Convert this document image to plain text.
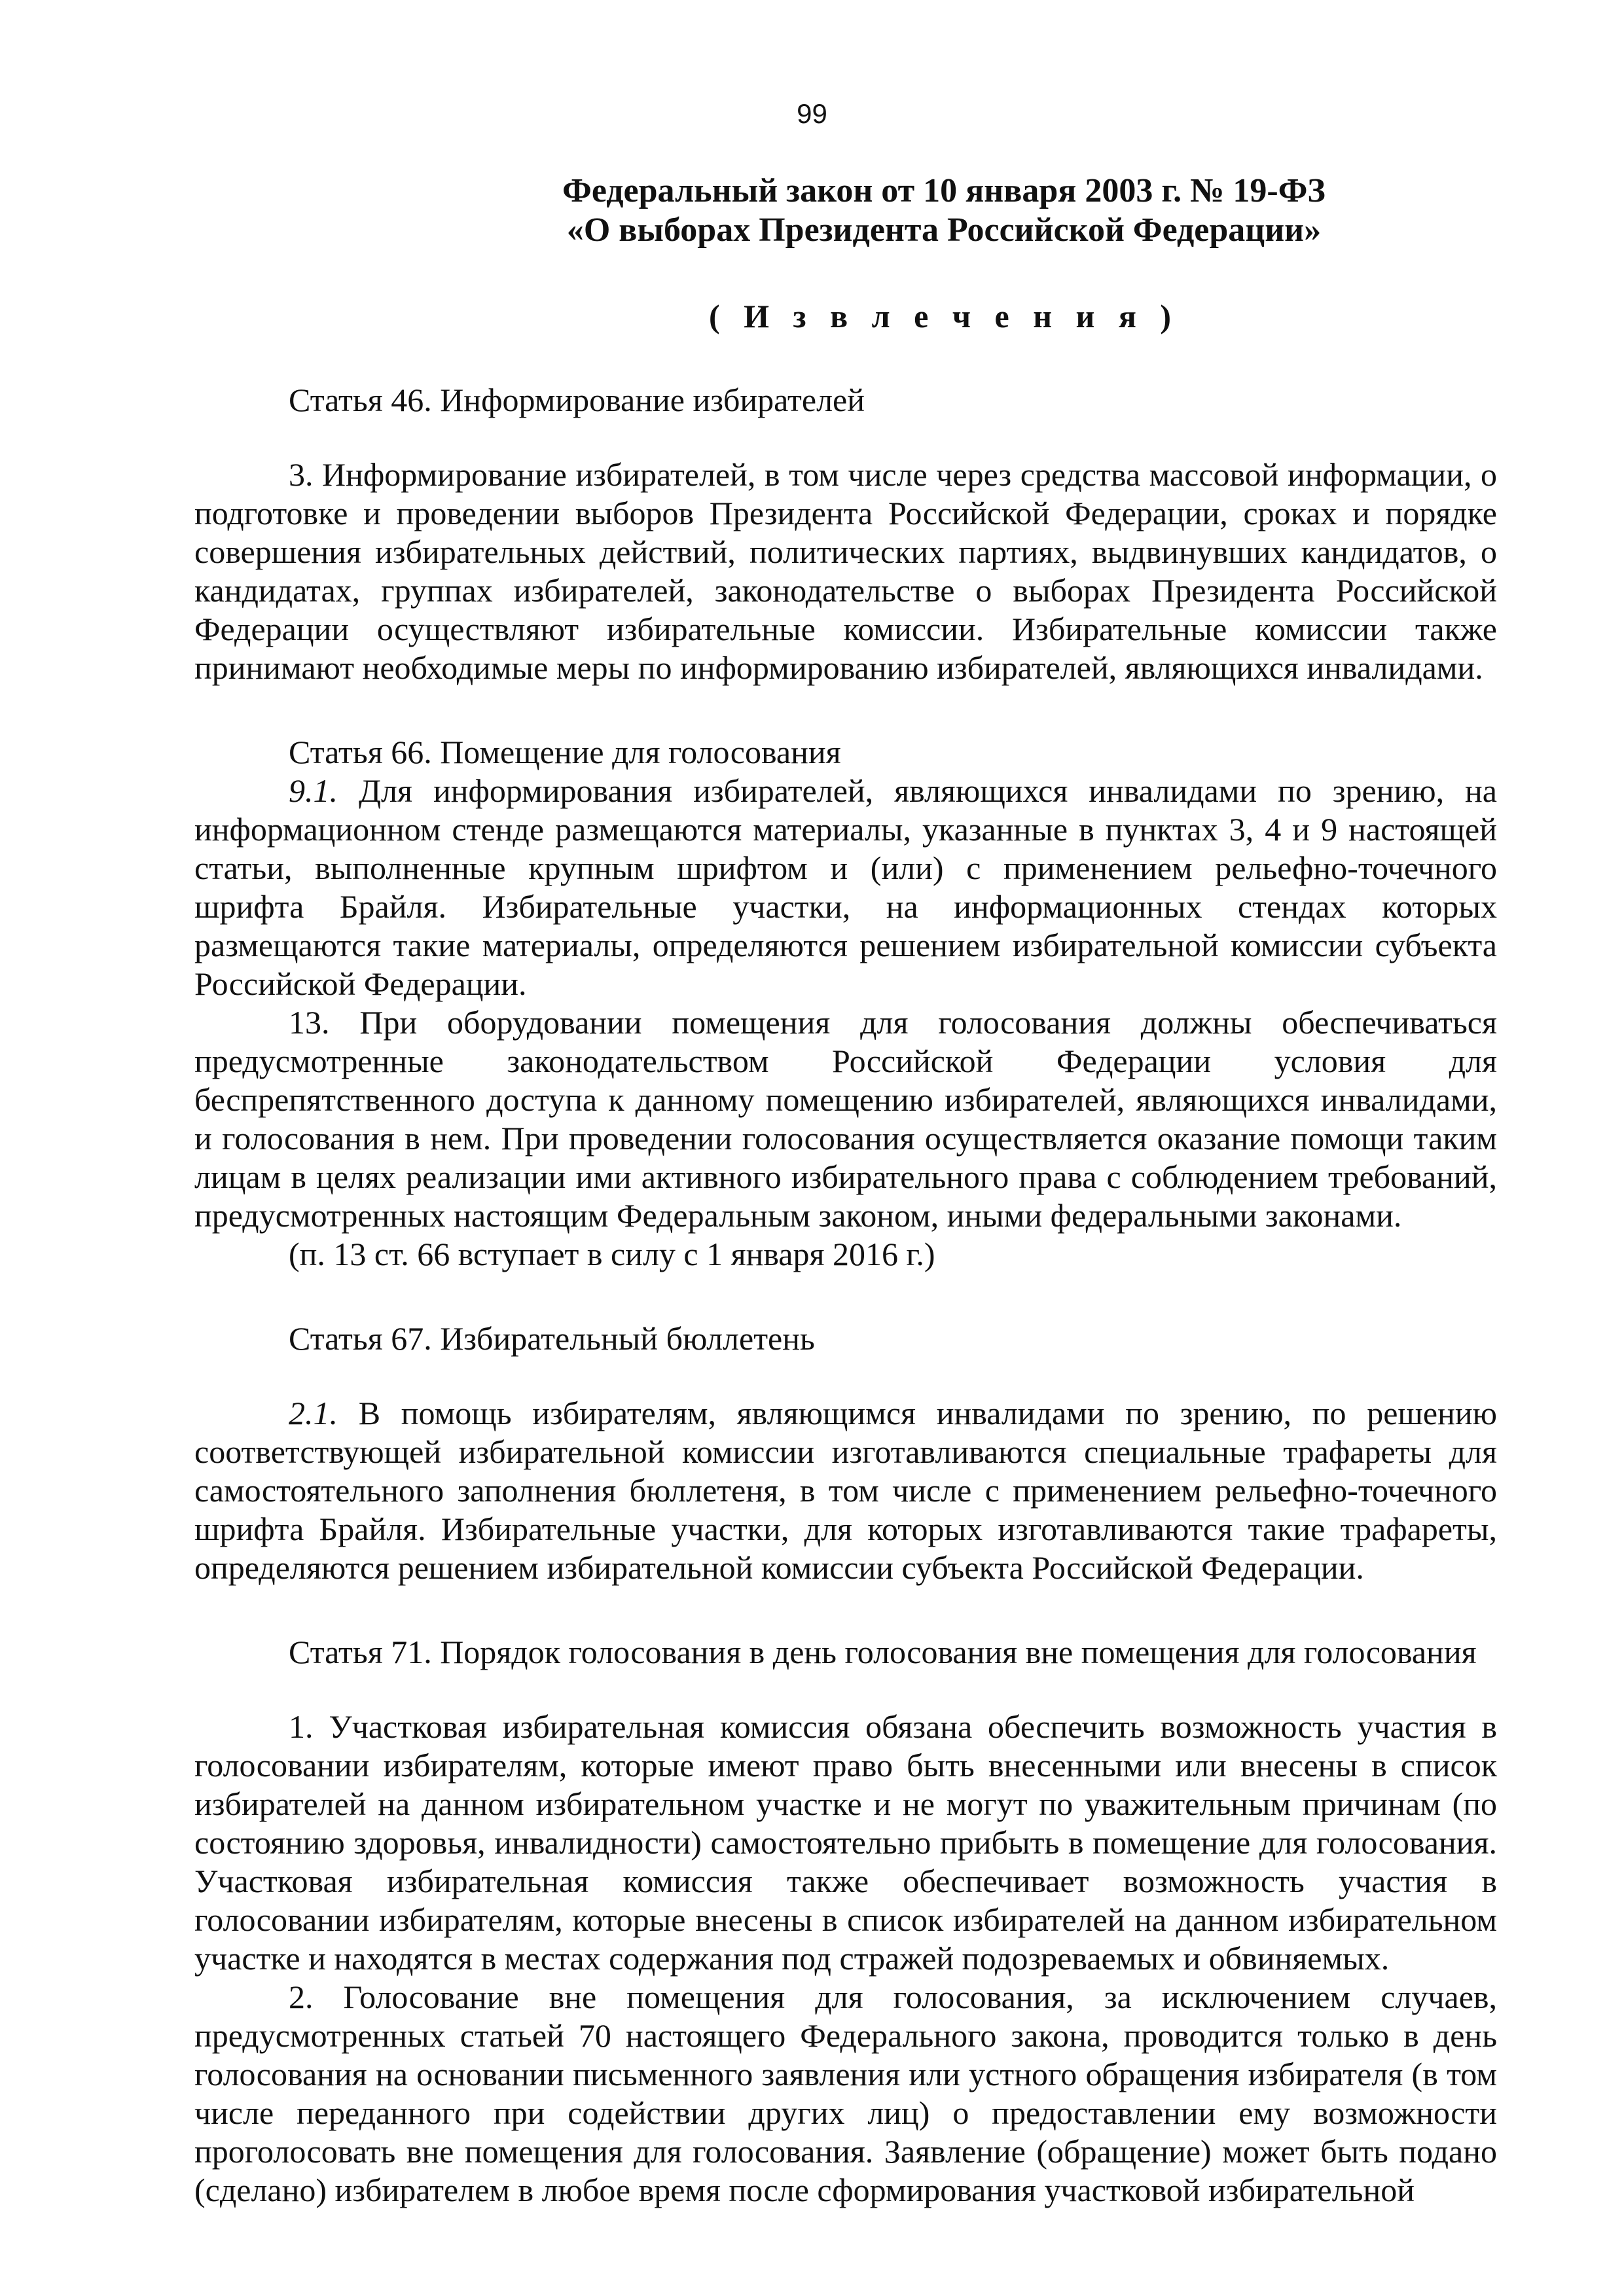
99

Федеральный закон от 10 января 2003 г. № 19-ФЗ
«О выборах Президента Российской Федерации»

( И з в л е ч е н и я )

Статья 46. Информирование избирателей

3. Информирование избирателей, в том числе через средства массовой информации, о подготовке и проведении выборов Президента Российской Федерации, сроках и порядке совершения избирательных действий, политических партиях, выдвинувших кандидатов, о кандидатах, группах избирателей, законодательстве о выборах Президента Российской Федерации осуществляют избирательные комиссии. Избирательные комиссии также принимают необходимые меры по информированию избирателей, являющихся инвалидами.

Статья 66. Помещение для голосования

9.1. Для информирования избирателей, являющихся инвалидами по зрению, на информационном стенде размещаются материалы, указанные в пунктах 3, 4 и 9 настоящей статьи, выполненные крупным шрифтом и (или) с применением рельефно-точечного шрифта Брайля. Избирательные участки, на информационных стендах которых размещаются такие материалы, определяются решением избирательной комиссии субъекта Российской Федерации.

13. При оборудовании помещения для голосования должны обеспечиваться предусмотренные законодательством Российской Федерации условия для беспрепятственного доступа к данному помещению избирателей, являющихся инвалидами, и голосования в нем. При проведении голосования осуществляется оказание помощи таким лицам в целях реализации ими активного избирательного права с соблюдением требований, предусмотренных настоящим Федеральным законом, иными федеральными законами.

(п. 13 ст. 66 вступает в силу с 1 января 2016 г.)

Статья 67. Избирательный бюллетень

2.1. В помощь избирателям, являющимся инвалидами по зрению, по решению соответствующей избирательной комиссии изготавливаются специальные трафареты для самостоятельного заполнения бюллетеня, в том числе с применением рельефно-точечного шрифта Брайля. Избирательные участки, для которых изготавливаются такие трафареты, определяются решением избирательной комиссии субъекта Российской Федерации.

Статья 71. Порядок голосования в день голосования вне помещения для голосования

1. Участковая избирательная комиссия обязана обеспечить возможность участия в голосовании избирателям, которые имеют право быть внесенными или внесены в список избирателей на данном избирательном участке и не могут по уважительным причинам (по состоянию здоровья, инвалидности) самостоятельно прибыть в помещение для голосования. Участковая избирательная комиссия также обеспечивает возможность участия в голосовании избирателям, которые внесены в список избирателей на данном избирательном участке и находятся в местах содержания под стражей подозреваемых и обвиняемых.

2. Голосование вне помещения для голосования, за исключением случаев, предусмотренных статьей 70 настоящего Федерального закона, проводится только в день голосования на основании письменного заявления или устного обращения избирателя (в том числе переданного при содействии других лиц) о предоставлении ему возможности проголосовать вне помещения для голосования. Заявление (обращение) может быть подано (сделано) избирателем в любое время после сформирования участковой избирательной
